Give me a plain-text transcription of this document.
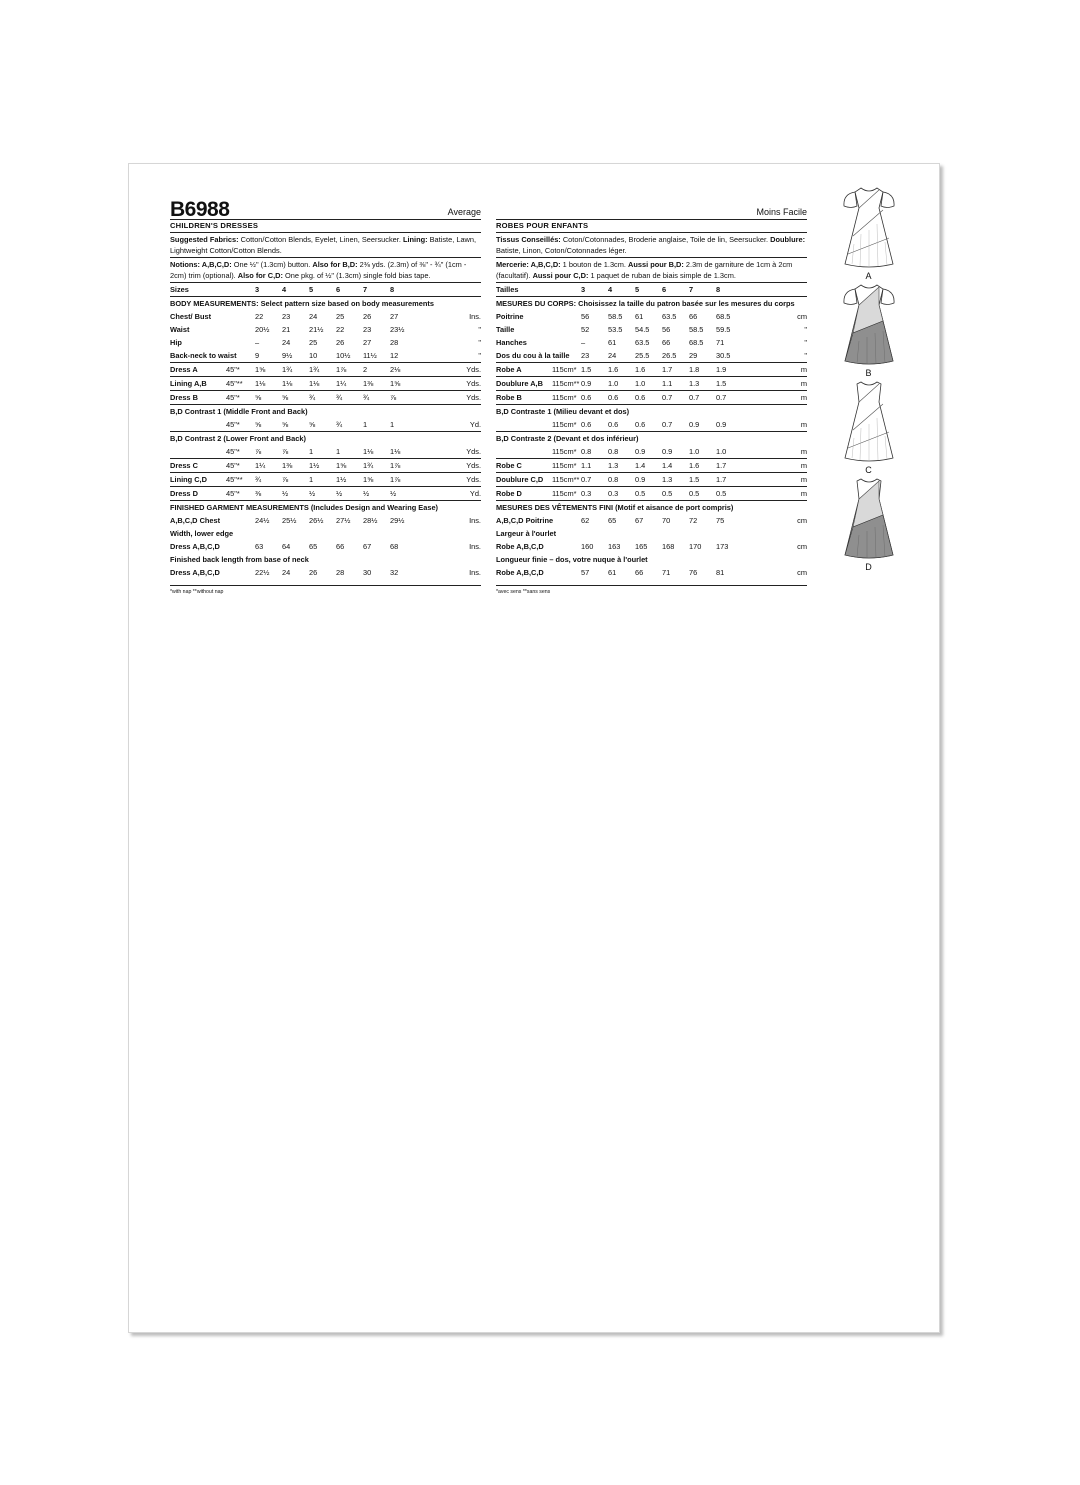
B6988	Average
CHILDREN'S DRESSES
Suggested Fabrics: Cotton/Cotton Blends, Eyelet, Linen, Seersucker. Lining: Batiste, Lawn, Lightweight Cotton/Cotton Blends.
Notions: A,B,C,D: One ½" (1.3cm) button. Also for B,D: 2⅜ yds. (2.3m) of ⅜" - ¾" (1cm - 2cm) trim (optional). Also for C,D: One pkg. of ½" (1.3cm) single fold bias tape.
Sizes		3	4	5	6	7	8	
BODY MEASUREMENTS: Select pattern size based on body measurements								
Chest/ Bust		22	23	24	25	26	27	Ins.
Waist		20½	21	21½	22	23	23½	"
Hip		–	24	25	26	27	28	"
Back-neck to waist		9	9½	10	10½	11½	12	"
Dress A	45"*	1⅝	1¾	1¾	1⅞	2	2⅛	Yds.
Lining A,B	45"**	1⅛	1⅛	1⅛	1¼	1⅜	1⅝	Yds.
Dress B	45"*	⅝	⅝	¾	¾	¾	⅞	Yds.
B,D Contrast 1 (Middle Front and Back)								
	45"*	⅝	⅝	⅝	¾	1	1	Yd.
B,D Contrast 2 (Lower Front and Back)								
	45"*	⅞	⅞	1	1	1⅛	1⅛	Yds.
Dress C	45"*	1¼	1⅜	1½	1⅝	1¾	1⅞	Yds.
Lining C,D	45"**	¾	⅞	1	1½	1⅝	1⅞	Yds.
Dress D	45"*	⅜	½	½	½	½	½	Yd.
FINISHED GARMENT MEASUREMENTS (Includes Design and Wearing Ease)								
A,B,C,D Chest		24½	25½	26½	27½	28½	29½	Ins.
Width, lower edge								
Dress A,B,C,D		63	64	65	66	67	68	Ins.
Finished back length from base of neck								
Dress A,B,C,D		22½	24	26	28	30	32	Ins.
*with nap **without nap
Moins Facile
ROBES POUR ENFANTS
Tissus Conseillés: Coton/Cotonnades, Broderie anglaise, Toile de lin, Seersucker. Doublure: Batiste, Linon, Coton/Cotonnades léger.
Mercerie: A,B,C,D: 1 bouton de 1.3cm. Aussi pour B,D: 2.3m de garniture de 1cm à 2cm (facultatif). Aussi pour C,D: 1 paquet de ruban de biais simple de 1.3cm.
Tailles		3	4	5	6	7	8	
MESURES DU CORPS: Choisissez la taille du patron basée sur les mesures du corps								
Poitrine		56	58.5	61	63.5	66	68.5	cm
Taille		52	53.5	54.5	56	58.5	59.5	"
Hanches		–	61	63.5	66	68.5	71	"
Dos du cou à la taille		23	24	25.5	26.5	29	30.5	"
Robe A	115cm*	1.5	1.6	1.6	1.7	1.8	1.9	m
Doublure A,B	115cm**	0.9	1.0	1.0	1.1	1.3	1.5	m
Robe B	115cm*	0.6	0.6	0.6	0.7	0.7	0.7	m
B,D Contraste 1 (Milieu devant et dos)								
	115cm*	0.6	0.6	0.6	0.7	0.9	0.9	m
B,D Contraste 2 (Devant et dos inférieur)								
	115cm*	0.8	0.8	0.9	0.9	1.0	1.0	m
Robe C	115cm*	1.1	1.3	1.4	1.4	1.6	1.7	m
Doublure C,D	115cm**	0.7	0.8	0.9	1.3	1.5	1.7	m
Robe D	115cm*	0.3	0.3	0.5	0.5	0.5	0.5	m
MESURES DES VÊTEMENTS FINI (Motif et aisance de port compris)								
A,B,C,D Poitrine		62	65	67	70	72	75	cm
Largeur à l'ourlet								
Robe A,B,C,D		160	163	165	168	170	173	cm
Longueur finie – dos, votre nuque à l'ourlet								
Robe A,B,C,D		57	61	66	71	76	81	cm
*avec sens **sans sens
A
B
C
D
